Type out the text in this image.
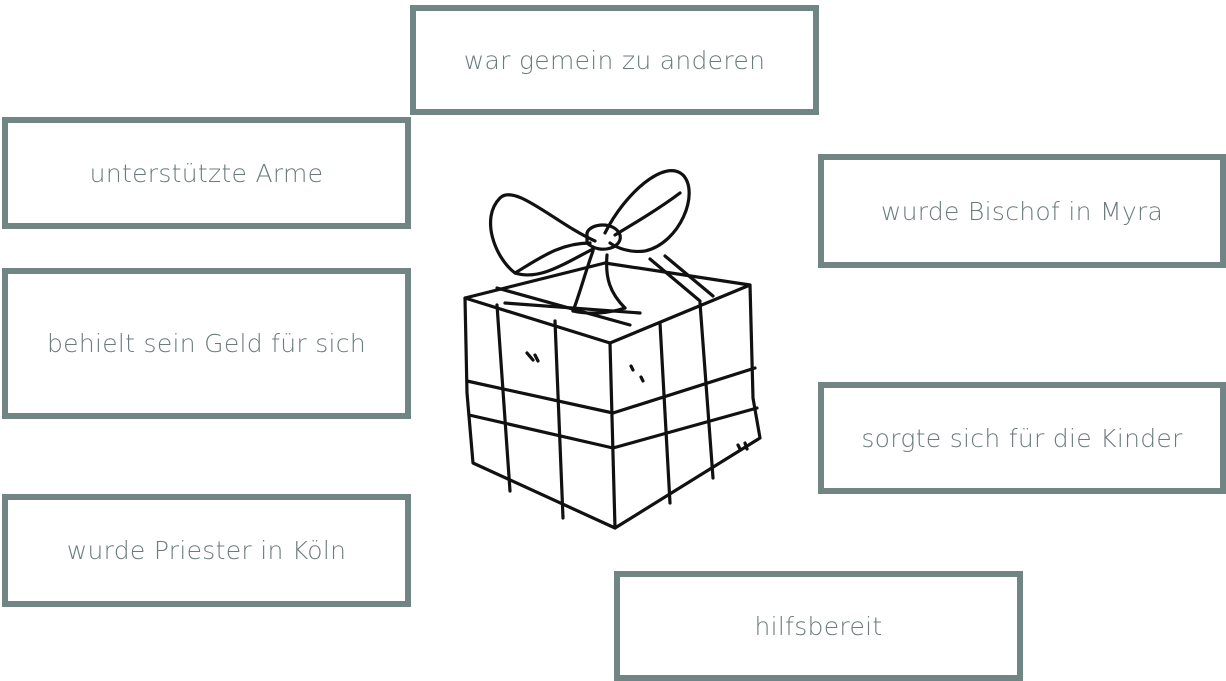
war gemein zu anderen
unterstützte Arme
behielt sein Geld für sich
wurde Priester in Köln
wurde Bischof in Myra
sorgte sich für die Kinder
hilfsbereit
